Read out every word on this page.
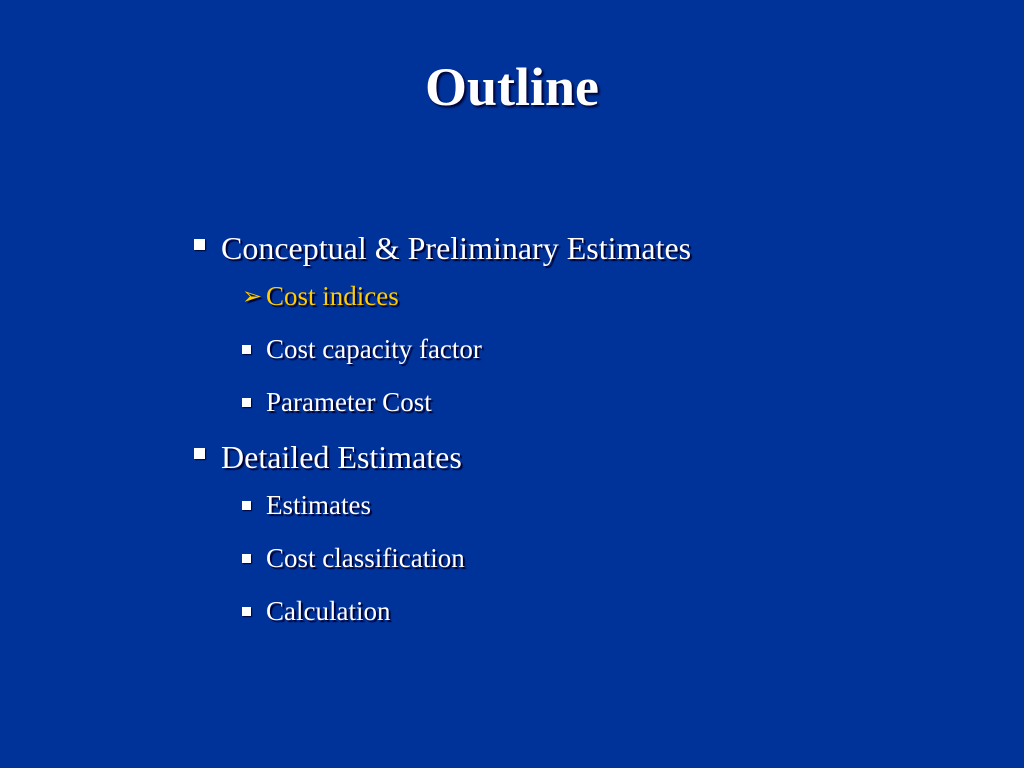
Outline
Conceptual & Preliminary Estimates
➢ Cost indices
Cost capacity factor
Parameter Cost
Detailed Estimates
Estimates
Cost classification
Calculation
